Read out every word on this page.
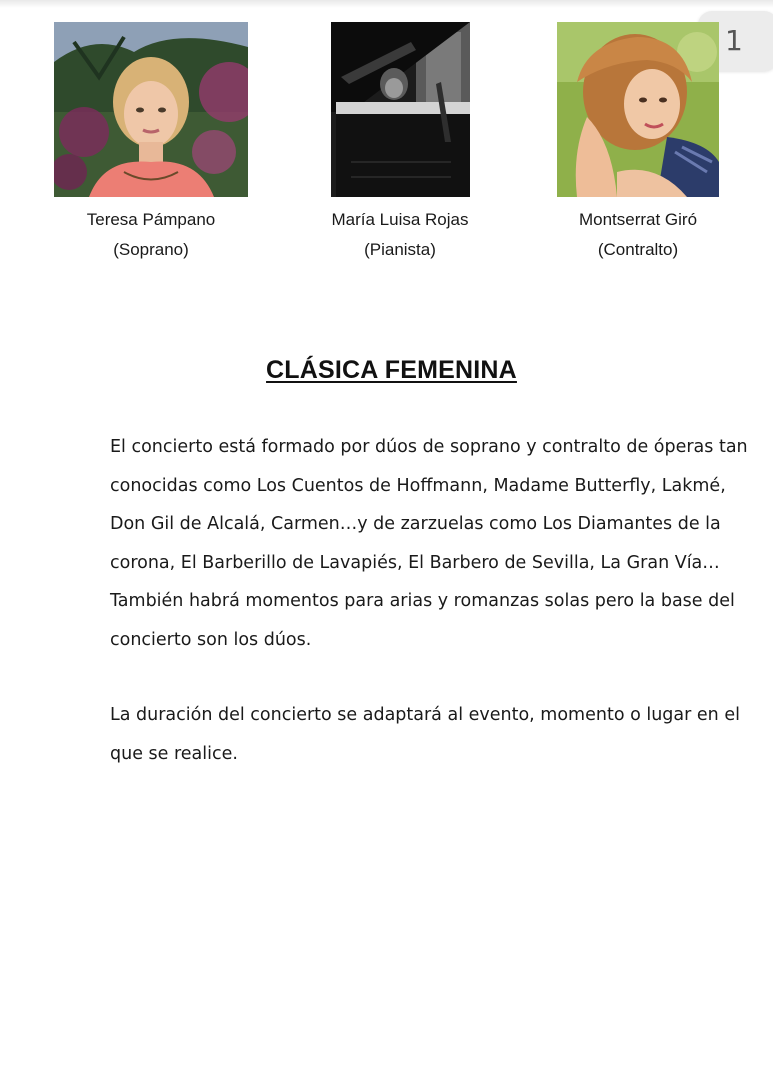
1
Teresa Pámpano
(Soprano)
María Luisa Rojas
(Pianista)
Montserrat Giró
(Contralto)
CLÁSICA FEMENINA

El concierto está formado por dúos de soprano y contralto de óperas tan conocidas como Los Cuentos de Hoffmann, Madame Butterfly, Lakmé, Don Gil de Alcalá, Carmen…y de zarzuelas como Los Diamantes de la corona, El Barberillo de Lavapiés, El Barbero de Sevilla, La Gran Vía… También habrá momentos para arias y romanzas solas pero la base del concierto son los dúos.

La duración del concierto se adaptará al evento, momento o lugar en el que se realice.
